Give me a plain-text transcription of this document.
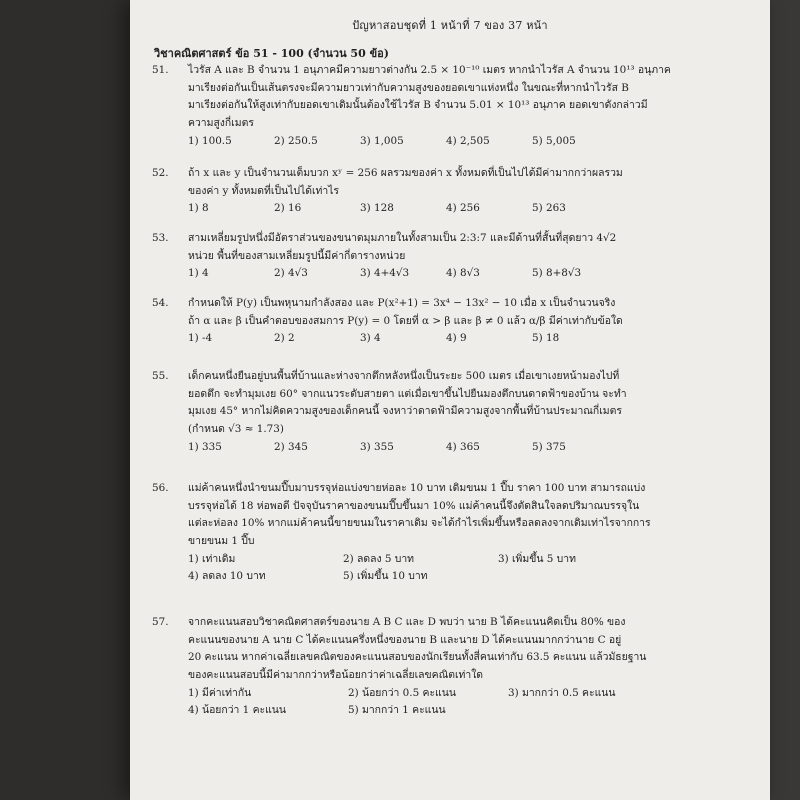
ปัญหาสอบชุดที่ 1 หน้าที่ 7 ของ 37 หน้า
วิชาคณิตศาสตร์ ข้อ 51 - 100 (จำนวน 50 ข้อ)
51.	ไวรัส A และ B จำนวน 1 อนุภาคมีความยาวต่างกัน 2.5 × 10⁻¹⁰ เมตร หากนำไวรัส A จำนวน 10¹³ อนุภาค
มาเรียงต่อกันเป็นเส้นตรงจะมีความยาวเท่ากับความสูงของยอดเขาแห่งหนึ่ง ในขณะที่หากนำไวรัส B
มาเรียงต่อกันให้สูงเท่ากับยอดเขาเดิมนั้นต้องใช้ไวรัส B จำนวน 5.01 × 10¹³ อนุภาค ยอดเขาดังกล่าวมี
ความสูงกี่เมตร
1) 100.5	2) 250.5	3) 1,005	4) 2,505	5) 5,005
52.	ถ้า x และ y เป็นจำนวนเต็มบวก xʸ = 256 ผลรวมของค่า x ทั้งหมดที่เป็นไปได้มีค่ามากกว่าผลรวม
ของค่า y ทั้งหมดที่เป็นไปได้เท่าไร
1) 8	2) 16	3) 128	4) 256	5) 263
53.	สามเหลี่ยมรูปหนึ่งมีอัตราส่วนของขนาดมุมภายในทั้งสามเป็น 2:3:7 และมีด้านที่สั้นที่สุดยาว 4√2
หน่วย พื้นที่ของสามเหลี่ยมรูปนี้มีค่ากี่ตารางหน่วย
1) 4	2) 4√3	3) 4+4√3	4) 8√3	5) 8+8√3
54.	กำหนดให้ P(y) เป็นพหุนามกำลังสอง และ P(x²+1) = 3x⁴ − 13x² − 10 เมื่อ x เป็นจำนวนจริง
ถ้า α และ β เป็นคำตอบของสมการ P(y) = 0 โดยที่ α > β และ β ≠ 0 แล้ว α/β มีค่าเท่ากับข้อใด
1) -4	2) 2	3) 4	4) 9	5) 18
55.	เด็กคนหนึ่งยืนอยู่บนพื้นที่บ้านและห่างจากตึกหลังหนึ่งเป็นระยะ 500 เมตร เมื่อเขาเงยหน้ามองไปที่
ยอดตึก จะทำมุมเงย 60° จากแนวระดับสายตา แต่เมื่อเขาขึ้นไปยืนมองตึกบนดาดฟ้าของบ้าน จะทำ
มุมเงย 45° หากไม่คิดความสูงของเด็กคนนี้ จงหาว่าดาดฟ้ามีความสูงจากพื้นที่บ้านประมาณกี่เมตร
(กำหนด √3 ≈ 1.73)
1) 335	2) 345	3) 355	4) 365	5) 375
56.	แม่ค้าคนหนึ่งนำขนมปี๊บมาบรรจุห่อแบ่งขายห่อละ 10 บาท เดิมขนม 1 ปี๊บ ราคา 100 บาท สามารถแบ่ง
บรรจุห่อได้ 18 ห่อพอดี ปัจจุบันราคาของขนมปี๊บขึ้นมา 10% แม่ค้าคนนี้จึงตัดสินใจลดปริมาณบรรจุใน
แต่ละห่อลง 10% หากแม่ค้าคนนี้ขายขนมในราคาเดิม จะได้กำไรเพิ่มขึ้นหรือลดลงจากเดิมเท่าไรจากการ
ขายขนม 1 ปี๊บ
1) เท่าเดิม	2) ลดลง 5 บาท	3) เพิ่มขึ้น 5 บาท
4) ลดลง 10 บาท	5) เพิ่มขึ้น 10 บาท
57.	จากคะแนนสอบวิชาคณิตศาสตร์ของนาย A B C และ D พบว่า นาย B ได้คะแนนคิดเป็น 80% ของ
คะแนนของนาย A นาย C ได้คะแนนครึ่งหนึ่งของนาย B และนาย D ได้คะแนนมากกว่านาย C อยู่
20 คะแนน หากค่าเฉลี่ยเลขคณิตของคะแนนสอบของนักเรียนทั้งสี่คนเท่ากับ 63.5 คะแนน แล้วมัธยฐาน
ของคะแนนสอบนี้มีค่ามากกว่าหรือน้อยกว่าค่าเฉลี่ยเลขคณิตเท่าใด
1) มีค่าเท่ากัน	2) น้อยกว่า 0.5 คะแนน	3) มากกว่า 0.5 คะแนน
4) น้อยกว่า 1 คะแนน	5) มากกว่า 1 คะแนน
